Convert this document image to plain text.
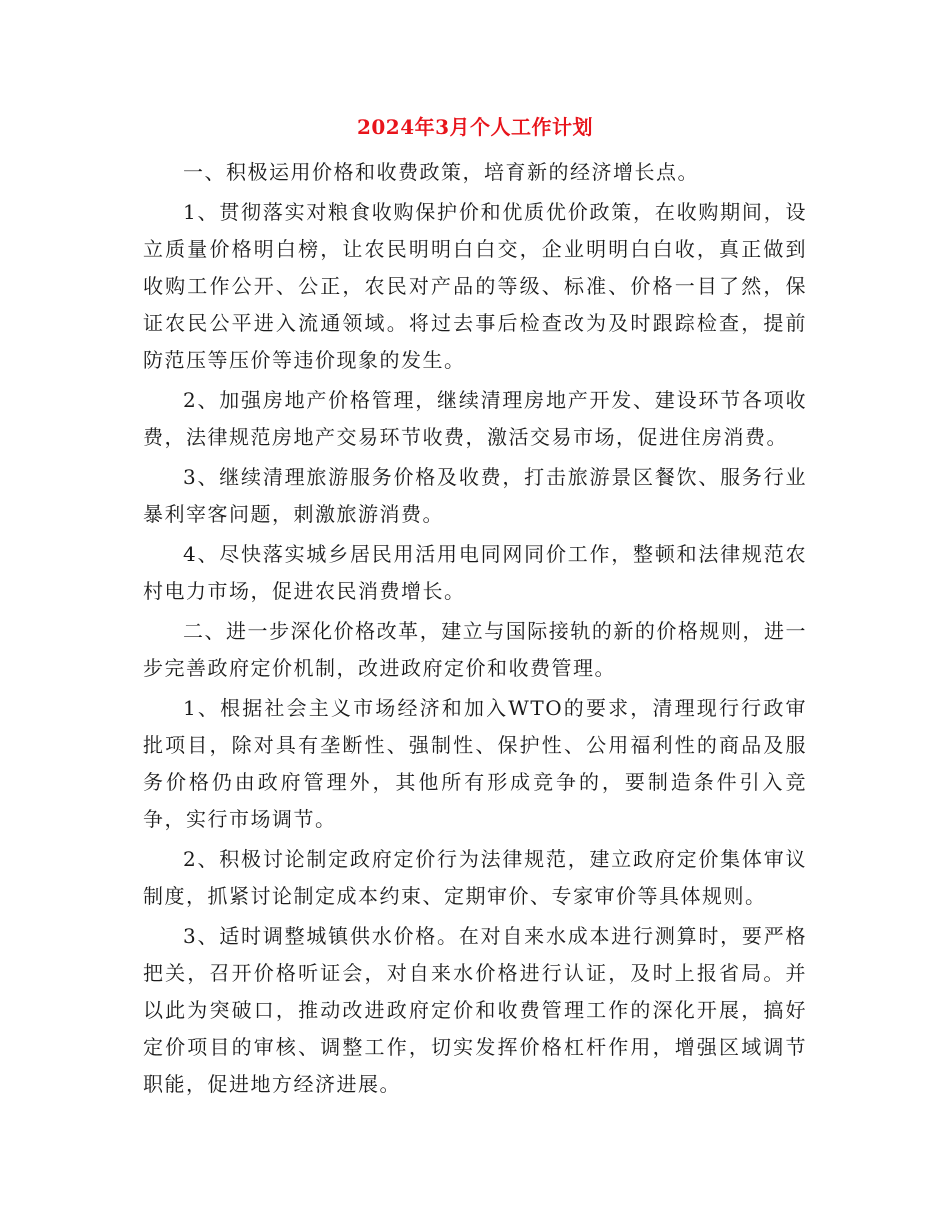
2024年3月个人工作计划

一、积极运用价格和收费政策，培育新的经济增长点。

1、贯彻落实对粮食收购保护价和优质优价政策，在收购期间，设立质量价格明白榜，让农民明明白白交，企业明明白白收，真正做到收购工作公开、公正，农民对产品的等级、标准、价格一目了然，保证农民公平进入流通领域。将过去事后检查改为及时跟踪检查，提前防范压等压价等违价现象的发生。

2、加强房地产价格管理，继续清理房地产开发、建设环节各项收费，法律规范房地产交易环节收费，激活交易市场，促进住房消费。

3、继续清理旅游服务价格及收费，打击旅游景区餐饮、服务行业暴利宰客问题，刺激旅游消费。

4、尽快落实城乡居民用活用电同网同价工作，整顿和法律规范农村电力市场，促进农民消费增长。

二、进一步深化价格改革，建立与国际接轨的新的价格规则，进一步完善政府定价机制，改进政府定价和收费管理。

1、根据社会主义市场经济和加入WTO的要求，清理现行行政审批项目，除对具有垄断性、强制性、保护性、公用福利性的商品及服务价格仍由政府管理外，其他所有形成竞争的，要制造条件引入竞争，实行市场调节。

2、积极讨论制定政府定价行为法律规范，建立政府定价集体审议制度，抓紧讨论制定成本约束、定期审价、专家审价等具体规则。

3、适时调整城镇供水价格。在对自来水成本进行测算时，要严格把关，召开价格听证会，对自来水价格进行认证，及时上报省局。并以此为突破口，推动改进政府定价和收费管理工作的深化开展，搞好定价项目的审核、调整工作，切实发挥价格杠杆作用，增强区域调节职能，促进地方经济进展。
